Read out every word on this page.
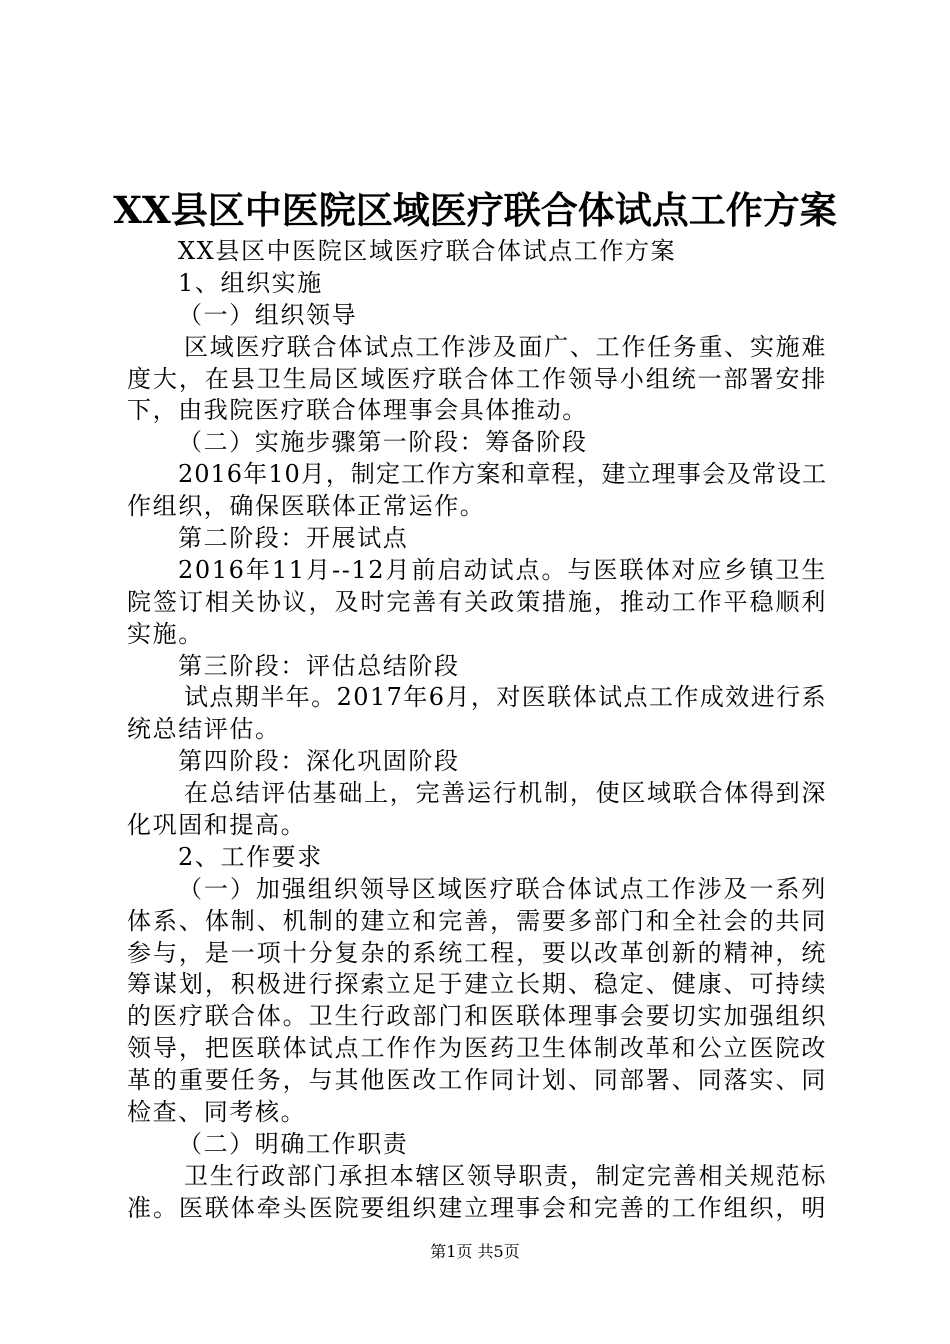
XX县区中医院区域医疗联合体试点工作方案
XX县区中医院区域医疗联合体试点工作方案
1、组织实施
（一）组织领导
区域医疗联合体试点工作涉及面广、工作任务重、实施难
度大，在县卫生局区域医疗联合体工作领导小组统一部署安排
下，由我院医疗联合体理事会具体推动。
（二）实施步骤第一阶段：筹备阶段
2016年10月，制定工作方案和章程，建立理事会及常设工
作组织，确保医联体正常运作。
第二阶段：开展试点
2016年11月--12月前启动试点。与医联体对应乡镇卫生
院签订相关协议，及时完善有关政策措施，推动工作平稳顺利
实施。
第三阶段：评估总结阶段
试点期半年。2017年6月，对医联体试点工作成效进行系
统总结评估。
第四阶段：深化巩固阶段
在总结评估基础上，完善运行机制，使区域联合体得到深
化巩固和提高。
2、工作要求
（一）加强组织领导区域医疗联合体试点工作涉及一系列
体系、体制、机制的建立和完善，需要多部门和全社会的共同
参与，是一项十分复杂的系统工程，要以改革创新的精神，统
筹谋划，积极进行探索立足于建立长期、稳定、健康、可持续
的医疗联合体。卫生行政部门和医联体理事会要切实加强组织
领导，把医联体试点工作作为医药卫生体制改革和公立医院改
革的重要任务，与其他医改工作同计划、同部署、同落实、同
检查、同考核。
（二）明确工作职责
卫生行政部门承担本辖区领导职责，制定完善相关规范标
准。医联体牵头医院要组织建立理事会和完善的工作组织，明
第1页 共5页
